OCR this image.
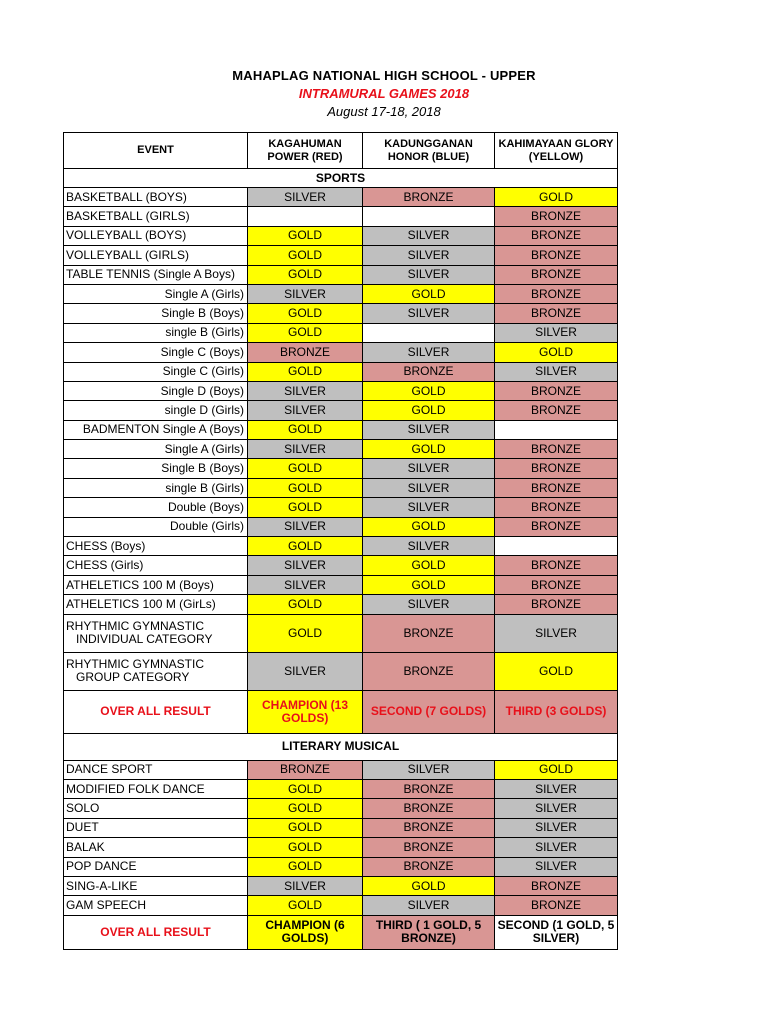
MAHAPLAG NATIONAL HIGH SCHOOL - UPPER
INTRAMURAL GAMES 2018
August 17-18, 2018
EVENT	KAGAHUMAN POWER (RED)	KADUNGGANAN HONOR (BLUE)	KAHIMAYAAN GLORY (YELLOW)
SPORTS			
BASKETBALL (BOYS)	SILVER	BRONZE	GOLD
BASKETBALL (GIRLS)			BRONZE
VOLLEYBALL (BOYS)	GOLD	SILVER	BRONZE
VOLLEYBALL (GIRLS)	GOLD	SILVER	BRONZE
TABLE TENNIS (Single A Boys)	GOLD	SILVER	BRONZE
Single A (Girls)	SILVER	GOLD	BRONZE
Single B (Boys)	GOLD	SILVER	BRONZE
single B (Girls)	GOLD		SILVER
Single C (Boys)	BRONZE	SILVER	GOLD
Single C (Girls)	GOLD	BRONZE	SILVER
Single D (Boys)	SILVER	GOLD	BRONZE
single D (Girls)	SILVER	GOLD	BRONZE
BADMENTON Single A (Boys)	GOLD	SILVER	
Single A (Girls)	SILVER	GOLD	BRONZE
Single B (Boys)	GOLD	SILVER	BRONZE
single B (Girls)	GOLD	SILVER	BRONZE
Double (Boys)	GOLD	SILVER	BRONZE
Double (Girls)	SILVER	GOLD	BRONZE
CHESS (Boys)	GOLD	SILVER	
CHESS (Girls)	SILVER	GOLD	BRONZE
ATHELETICS 100 M (Boys)	SILVER	GOLD	BRONZE
ATHELETICS 100 M (GirLs)	GOLD	SILVER	BRONZE
RHYTHMIC GYMNASTIC
INDIVIDUAL CATEGORY	GOLD	BRONZE	SILVER
RHYTHMIC GYMNASTIC
GROUP CATEGORY	SILVER	BRONZE	GOLD
OVER ALL RESULT	CHAMPION (13 GOLDS)	SECOND (7 GOLDS)	THIRD (3 GOLDS)
LITERARY MUSICAL			
DANCE SPORT	BRONZE	SILVER	GOLD
MODIFIED FOLK DANCE	GOLD	BRONZE	SILVER
SOLO	GOLD	BRONZE	SILVER
DUET	GOLD	BRONZE	SILVER
BALAK	GOLD	BRONZE	SILVER
POP DANCE	GOLD	BRONZE	SILVER
SING-A-LIKE	SILVER	GOLD	BRONZE
GAM SPEECH	GOLD	SILVER	BRONZE
OVER ALL RESULT	CHAMPION (6 GOLDS)	THIRD ( 1 GOLD, 5 BRONZE)	SECOND (1 GOLD, 5 SILVER)
